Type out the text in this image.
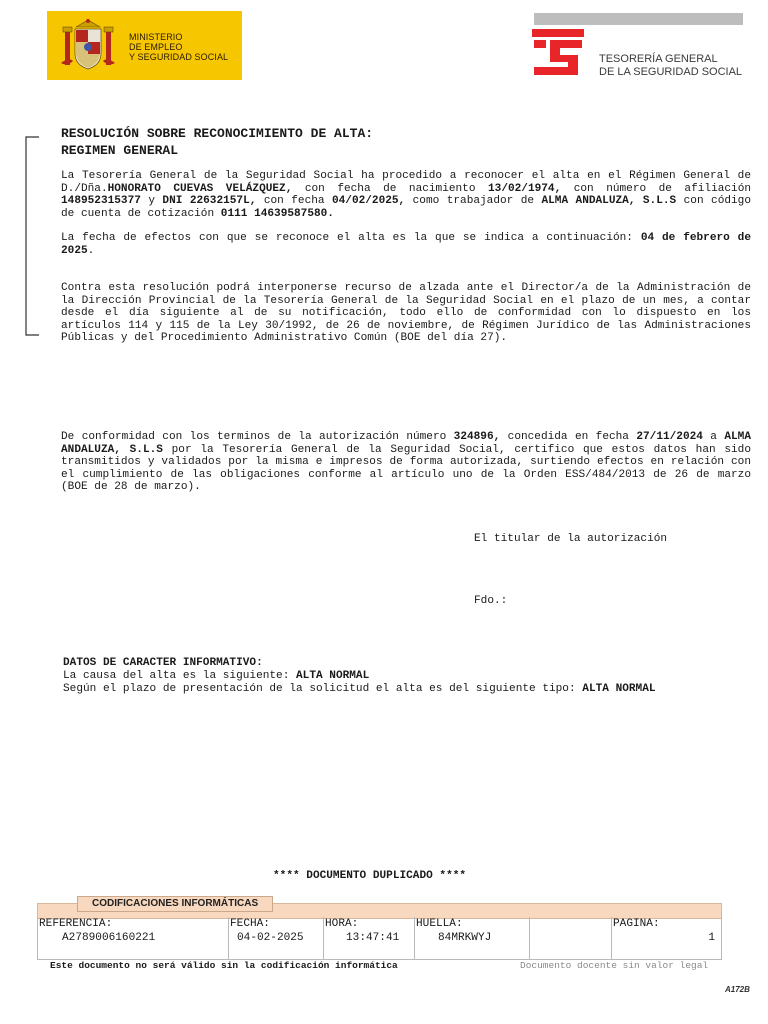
MINISTERIO
DE EMPLEO
Y SEGURIDAD SOCIAL	TESORERÍA GENERAL
DE LA SEGURIDAD SOCIAL
RESOLUCIÓN SOBRE RECONOCIMIENTO DE ALTA:
REGIMEN GENERAL
La Tesorería General de la Seguridad Social ha procedido a reconocer el alta en el Régimen General de D./Dña.HONORATO CUEVAS VELÁZQUEZ, con fecha de nacimiento 13/02/1974, con número de afiliación 148952315377 y DNI 22632157L, con fecha 04/02/2025, como trabajador de ALMA ANDALUZA, S.L.S con código de cuenta de cotización 0111 14639587580.
La fecha de efectos con que se reconoce el alta es la que se indica a continuación: 04 de febrero de 2025.
Contra esta resolución podrá interponerse recurso de alzada ante el Director/a de la Administración de la Dirección Provincial de la Tesorería General de la Seguridad Social en el plazo de un mes, a contar desde el día siguiente al de su notificación, todo ello de conformidad con lo dispuesto en los artículos 114 y 115 de la Ley 30/1992, de 26 de noviembre, de Régimen Jurídico de las Administraciones Públicas y del Procedimiento Administrativo Común (BOE del día 27).
De conformidad con los terminos de la autorización número 324896, concedida en fecha 27/11/2024 a ALMA ANDALUZA, S.L.S por la Tesorería General de la Seguridad Social, certifico que estos datos han sido transmitidos y validados por la misma e impresos de forma autorizada, surtiendo efectos en relación con el cumplimiento de las obligaciones conforme al artículo uno de la Orden ESS/484/2013 de 26 de marzo (BOE de 28 de marzo).
El titular de la autorización
Fdo.:
DATOS DE CARACTER INFORMATIVO:
La causa del alta es la siguiente: ALTA NORMAL
Según el plazo de presentación de la solicitud el alta es del siguiente tipo: ALTA NORMAL
**** DOCUMENTO DUPLICADO ****
CODIFICACIONES INFORMÁTICAS
REFERENCIA:
A2789006160221
FECHA:
04-02-2025
HORA:
13:47:41
HUELLA:
84MRKWYJ
PAGINA:
1
Este documento no será válido sin la codificación informática	Documento docente sin valor legal
A172B
